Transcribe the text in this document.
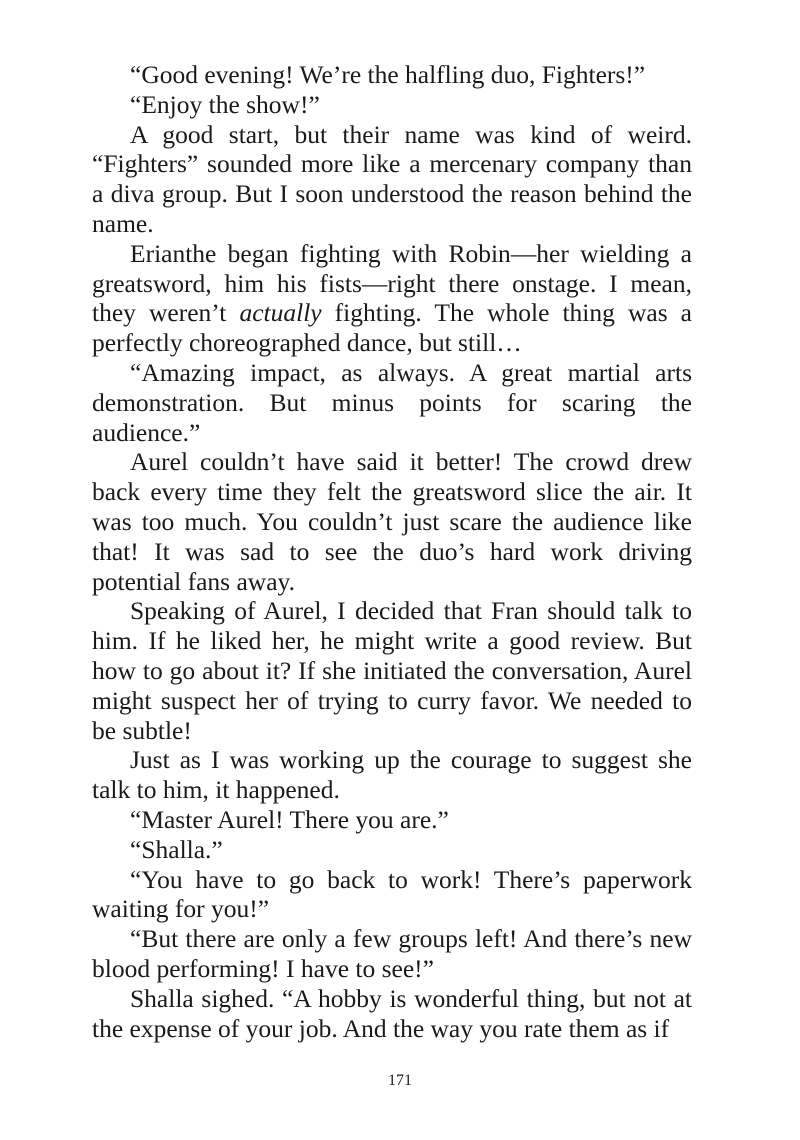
“Good evening! We’re the halfling duo, Fighters!”

“Enjoy the show!”

A good start, but their name was kind of weird. “Fighters” sounded more like a mercenary company than a diva group. But I soon understood the reason behind the name.

Erianthe began fighting with Robin—her wielding a greatsword, him his fists—right there onstage. I mean, they weren’t actually fighting. The whole thing was a perfectly choreographed dance, but still…

“Amazing impact, as always. A great martial arts demonstration. But minus points for scaring the audience.”

Aurel couldn’t have said it better! The crowd drew back every time they felt the greatsword slice the air. It was too much. You couldn’t just scare the audience like that! It was sad to see the duo’s hard work driving potential fans away.

Speaking of Aurel, I decided that Fran should talk to him. If he liked her, he might write a good review. But how to go about it? If she initiated the conversation, Aurel might suspect her of trying to curry favor. We needed to be subtle!

Just as I was working up the courage to suggest she talk to him, it happened.

“Master Aurel! There you are.”

“Shalla.”

“You have to go back to work! There’s paperwork waiting for you!”

“But there are only a few groups left! And there’s new blood performing! I have to see!”

Shalla sighed. “A hobby is wonderful thing, but not at the expense of your job. And the way you rate them as if

171
